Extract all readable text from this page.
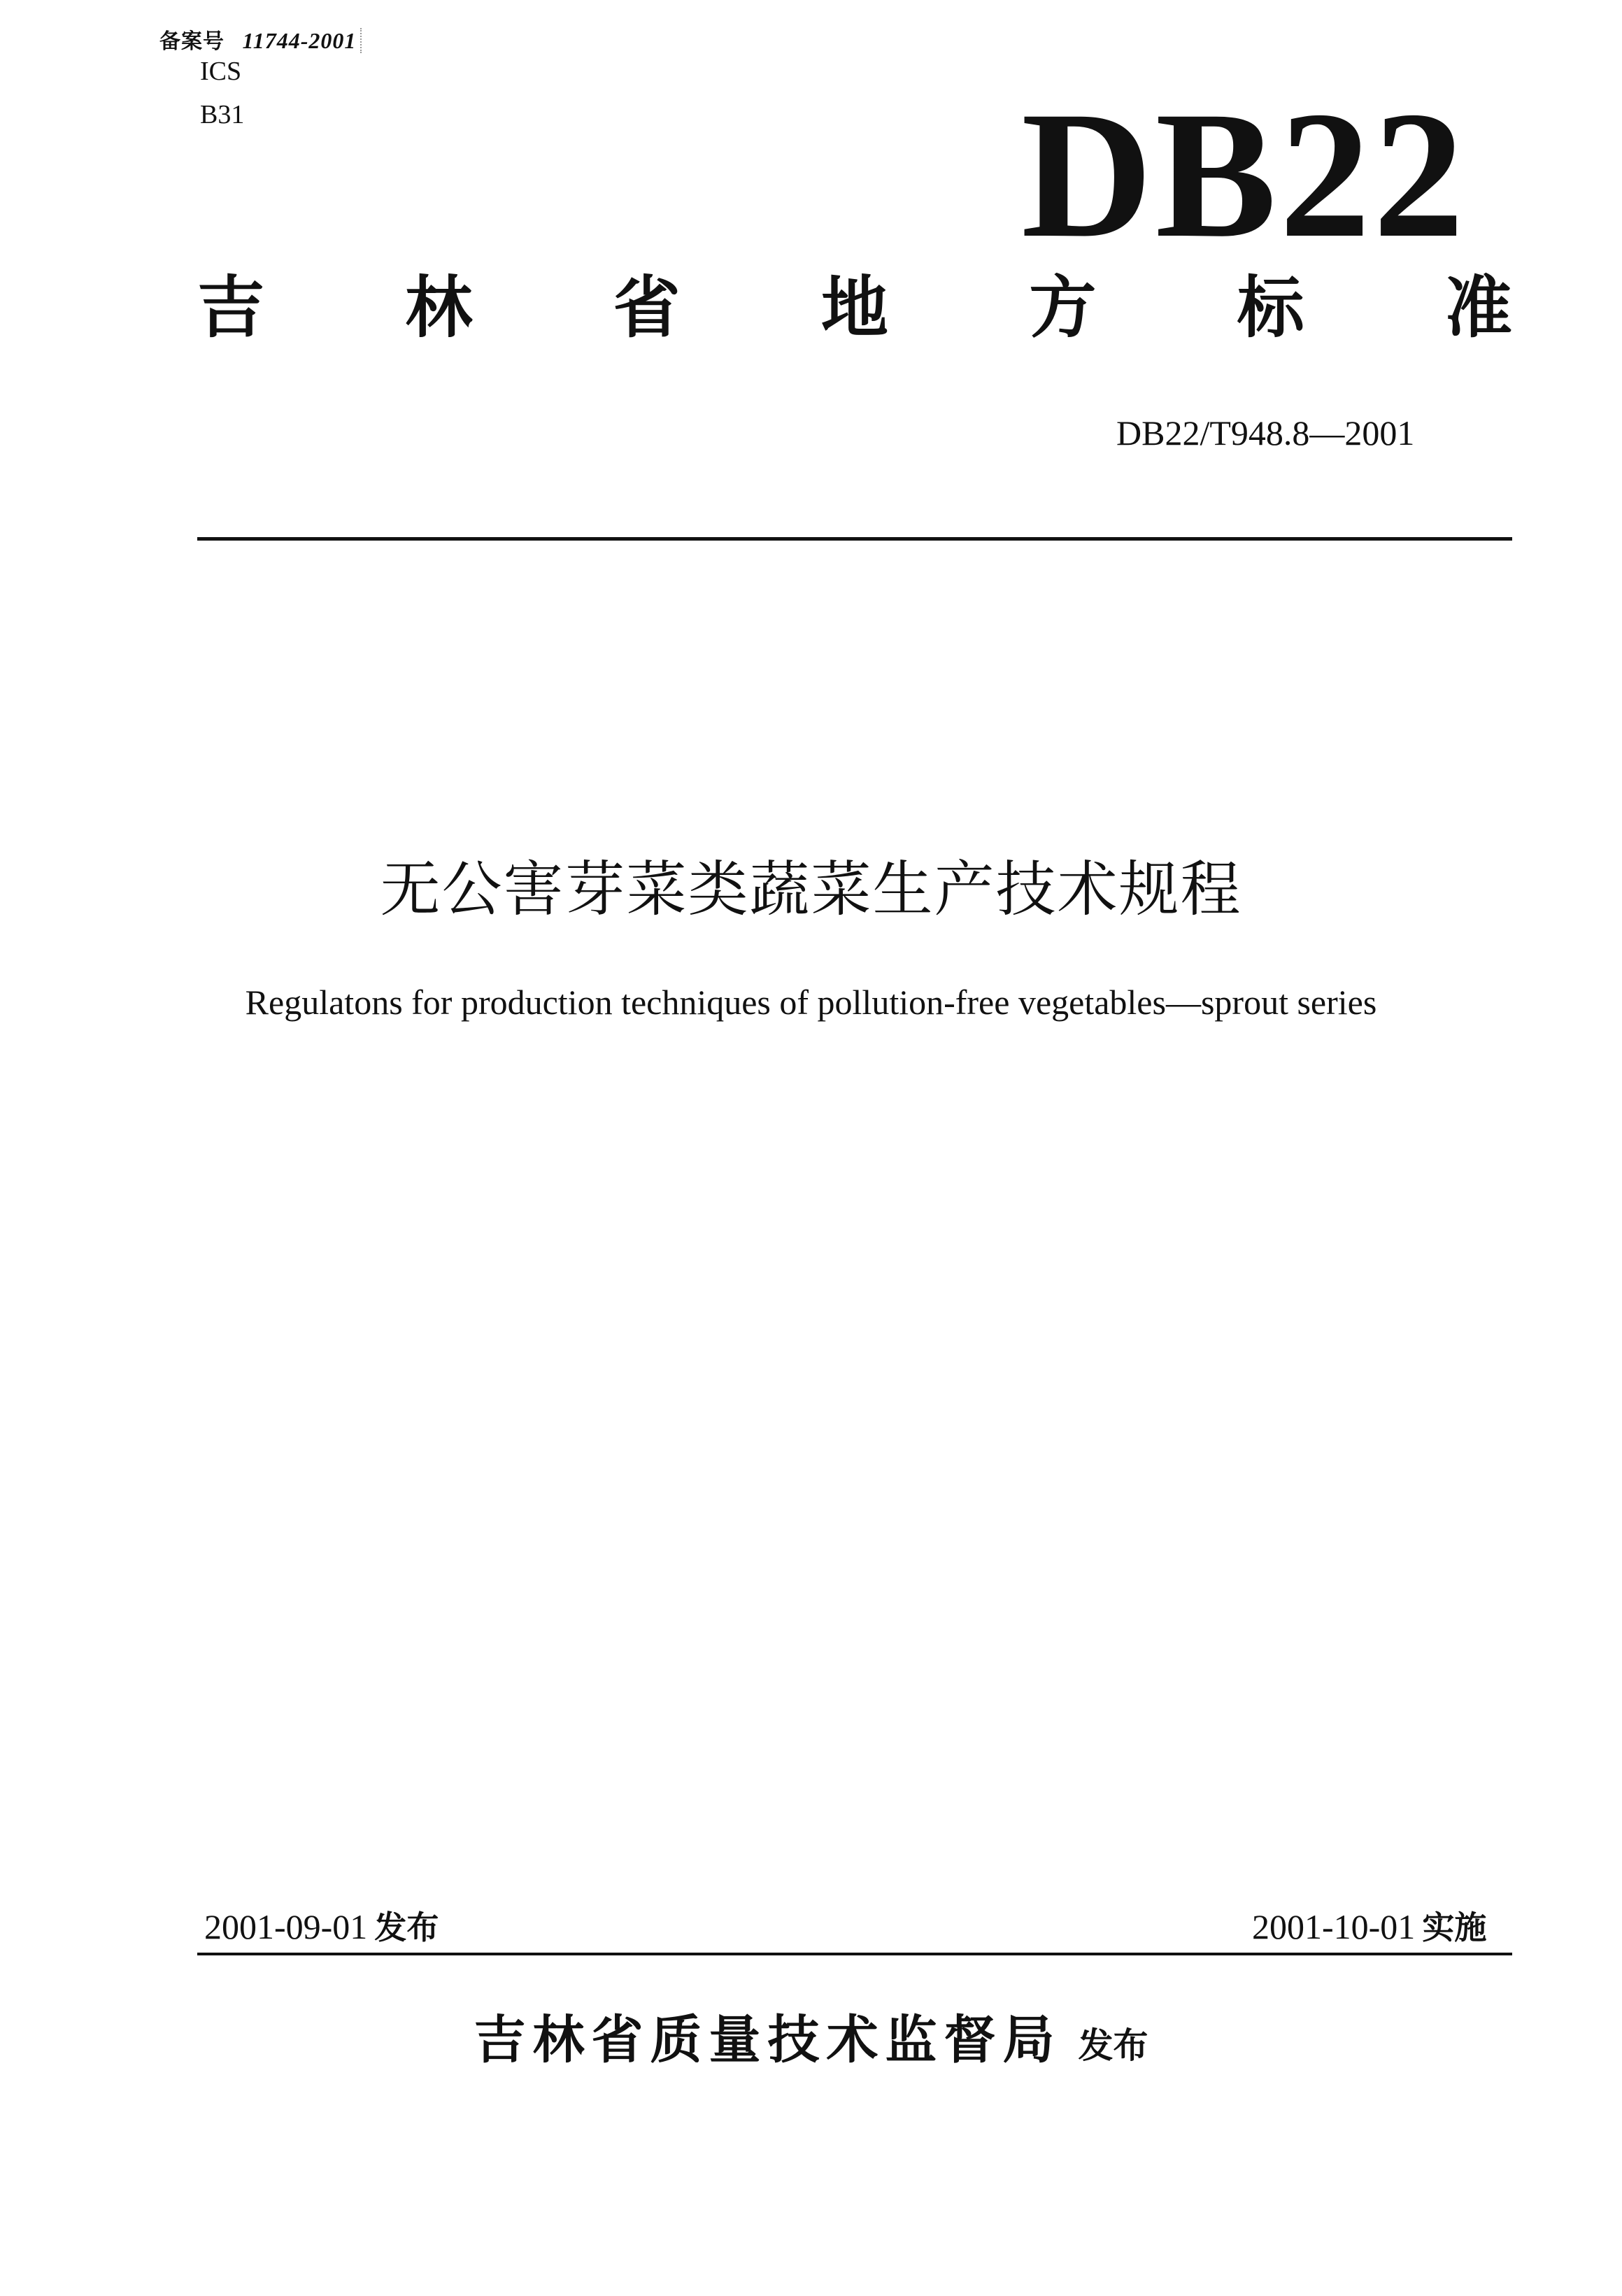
备案号 11744-2001
ICS
B31	DB22
吉 林 省 地 方 标 准
DB22/T948.8—2001
无公害芽菜类蔬菜生产技术规程
Regulatons for production techniques of pollution-free vegetables—sprout series
2001-09-01 发布	2001-10-01 实施
吉林省质量技术监督局 发布
